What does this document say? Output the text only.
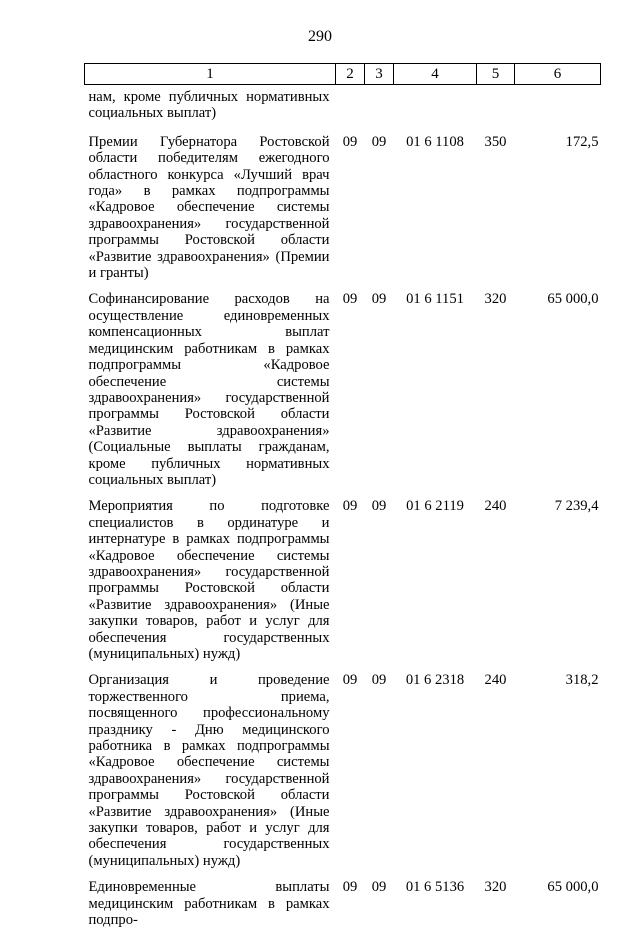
290
1	2	3	4	5	6
нам, кроме публичных нормативных социальных выплат)					
Премии Губернатора Ростовской области победителям ежегодного областного конкурса «Лучший врач года» в рамках подпрограммы «Кадровое обеспечение системы здравоохранения» государственной программы Ростовской области «Развитие здравоохранения» (Премии и гранты)	09	09	01 6 1108	350	172,5
Софинансирование расходов на осуществление единовременных компенсационных выплат медицинским работникам в рамках подпрограммы «Кадровое обеспечение системы здравоохранения» государственной программы Ростовской области «Развитие здравоохранения» (Социальные выплаты гражданам, кроме публичных нормативных социальных выплат)	09	09	01 6 1151	320	65 000,0
Мероприятия по подготовке специалистов в ординатуре и интернатуре в рамках подпрограммы «Кадровое обеспечение системы здравоохранения» государственной программы Ростовской области «Развитие здравоохранения» (Иные закупки товаров, работ и услуг для обеспечения государственных (муниципальных) нужд)	09	09	01 6 2119	240	7 239,4
Организация и проведение торжественного приема, посвященного профессиональному празднику - Дню медицинского работника в рамках подпрограммы «Кадровое обеспечение системы здравоохранения» государственной программы Ростовской области «Развитие здравоохранения» (Иные закупки товаров, работ и услуг для обеспечения государственных (муниципальных) нужд)	09	09	01 6 2318	240	318,2
Единовременные выплаты медицинским работникам в рамках подпро-	09	09	01 6 5136	320	65 000,0
